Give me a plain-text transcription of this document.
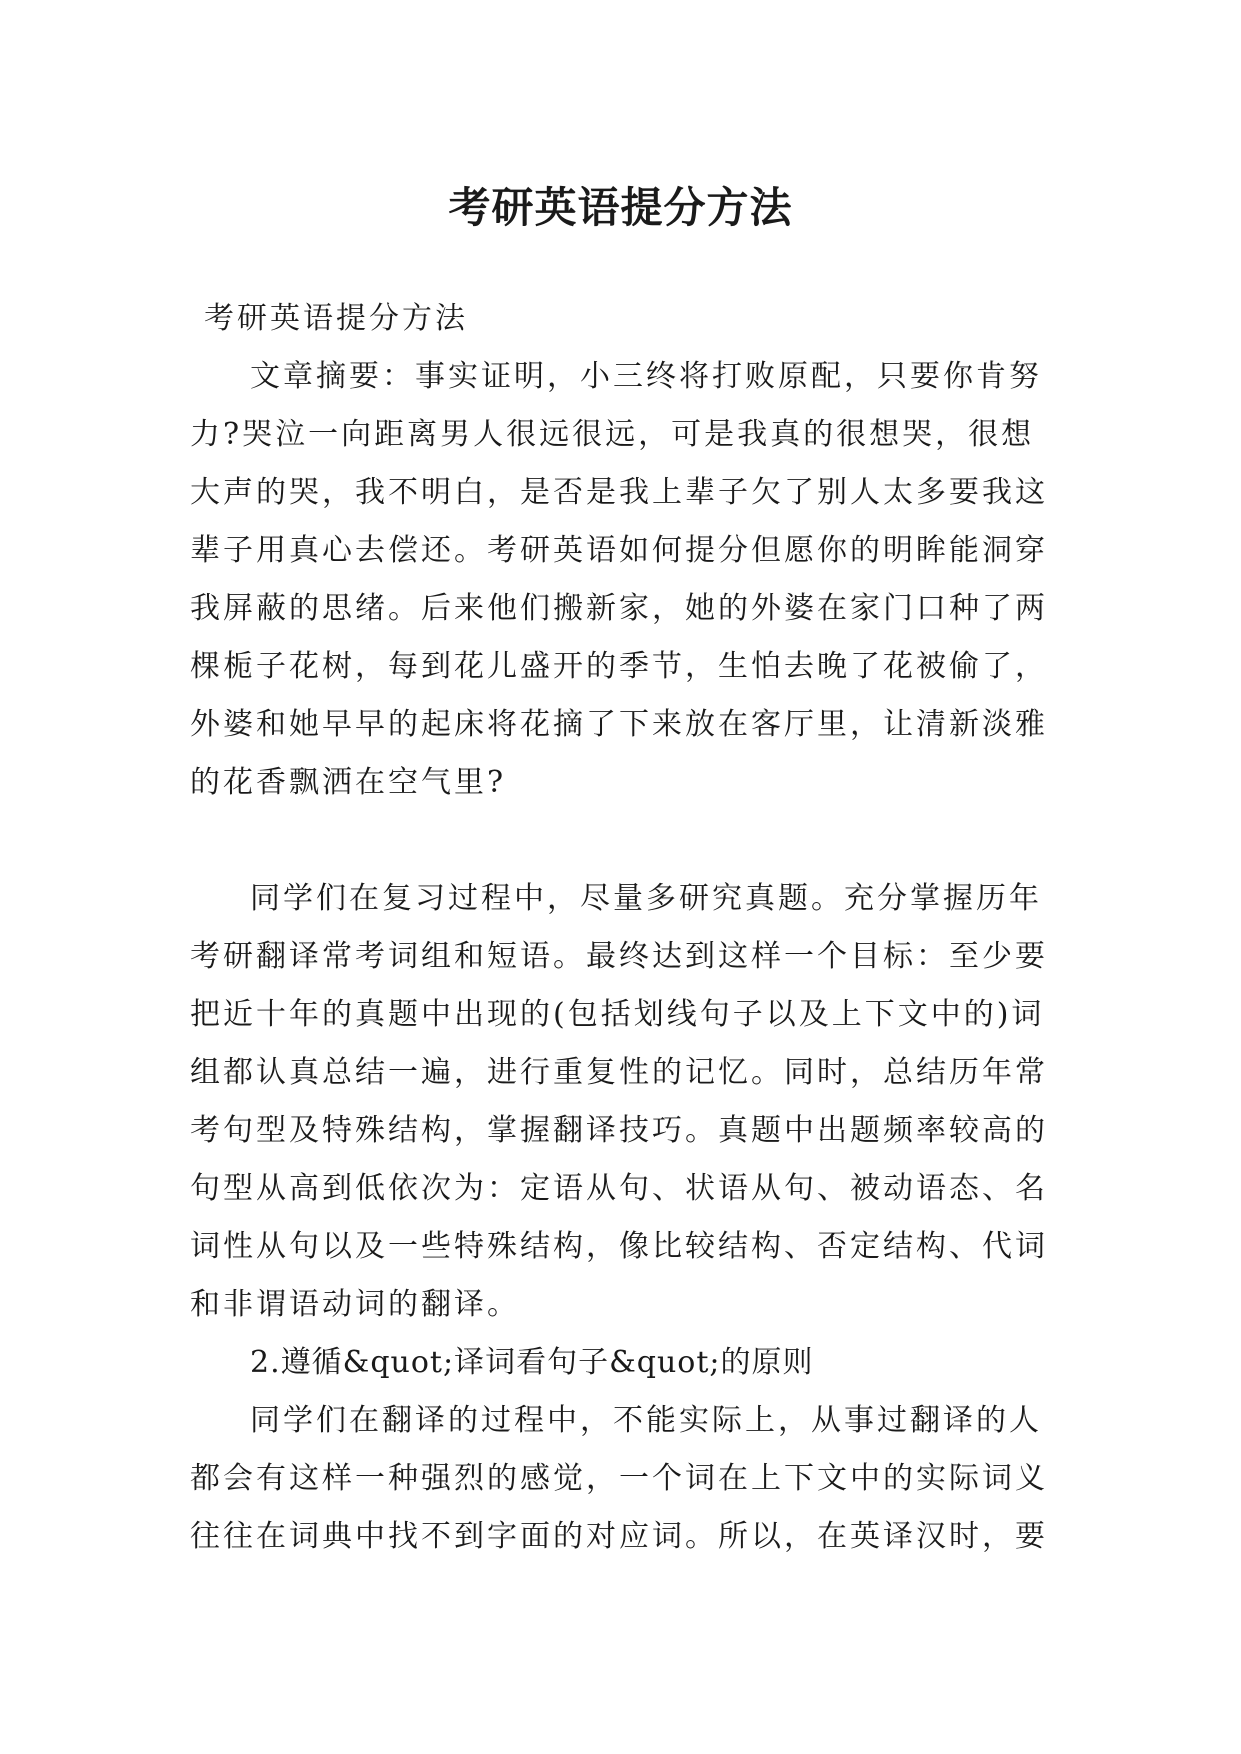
考研英语提分方法

考研英语提分方法

文章摘要：事实证明，小三终将打败原配，只要你肯努力?哭泣一向距离男人很远很远，可是我真的很想哭，很想大声的哭，我不明白，是否是我上辈子欠了别人太多要我这辈子用真心去偿还。考研英语如何提分但愿你的明眸能洞穿我屏蔽的思绪。后来他们搬新家，她的外婆在家门口种了两棵栀子花树，每到花儿盛开的季节，生怕去晚了花被偷了，外婆和她早早的起床将花摘了下来放在客厅里，让清新淡雅的花香飘洒在空气里?

同学们在复习过程中，尽量多研究真题。充分掌握历年考研翻译常考词组和短语。最终达到这样一个目标：至少要把近十年的真题中出现的(包括划线句子以及上下文中的)词组都认真总结一遍，进行重复性的记忆。同时，总结历年常考句型及特殊结构，掌握翻译技巧。真题中出题频率较高的句型从高到低依次为：定语从句、状语从句、被动语态、名词性从句以及一些特殊结构，像比较结构、否定结构、代词和非谓语动词的翻译。

2.遵循&quot;译词看句子&quot;的原则

同学们在翻译的过程中，不能实际上，从事过翻译的人都会有这样一种强烈的感觉，一个词在上下文中的实际词义往往在词典中找不到字面的对应词。所以，在英译汉时，要
